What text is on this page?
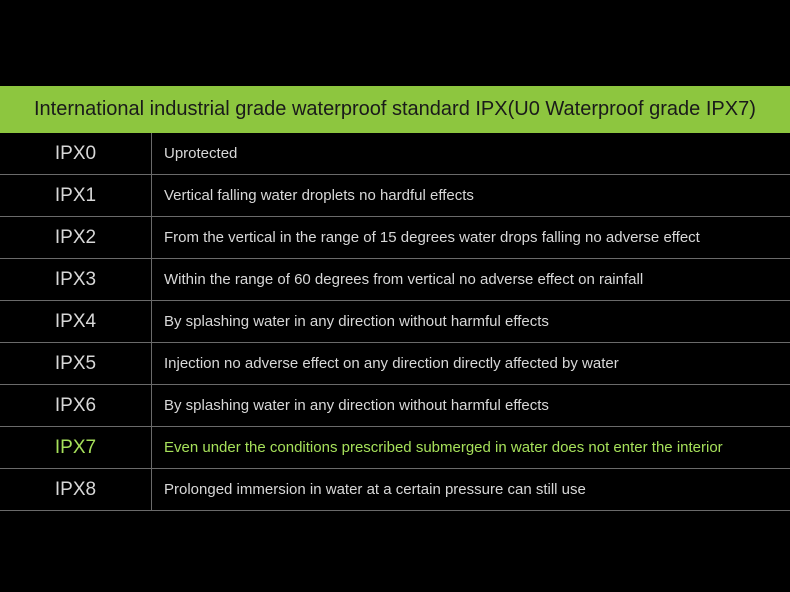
International industrial grade waterproof standard IPX(U0 Waterproof grade IPX7)
IPX0	Uprotected
IPX1	Vertical falling water droplets no hardful effects
IPX2	From the vertical in the range of 15 degrees water drops falling no adverse effect
IPX3	Within the range of 60 degrees from vertical no adverse effect on rainfall
IPX4	By splashing water in any direction without harmful effects
IPX5	Injection no adverse effect on any direction directly affected by water
IPX6	By splashing water in any direction without harmful effects
IPX7	Even under the conditions prescribed submerged in water does not enter the interior
IPX8	Prolonged immersion in water at a certain pressure can still use
